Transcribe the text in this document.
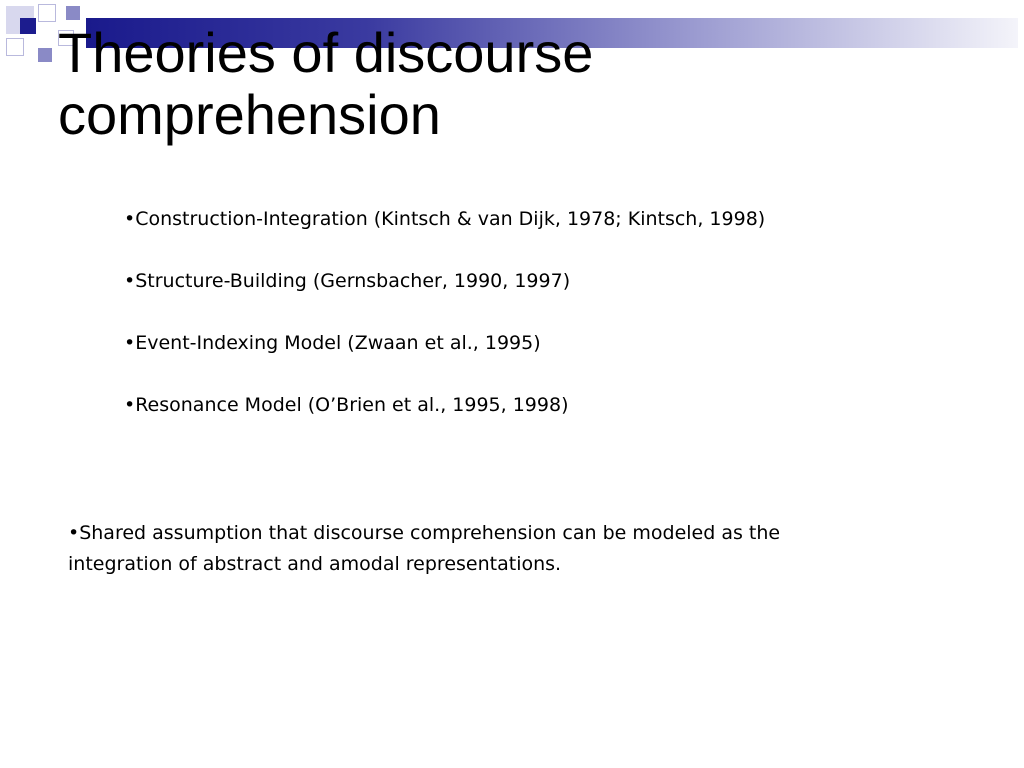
Theories of discourse comprehension
•Construction-Integration (Kintsch & van Dijk, 1978; Kintsch, 1998)
•Structure-Building (Gernsbacher, 1990, 1997)
•Event-Indexing Model (Zwaan et al., 1995)
•Resonance Model (O’Brien et al., 1995, 1998)

•Shared assumption that discourse comprehension can be modeled as the integration of abstract and amodal representations.
